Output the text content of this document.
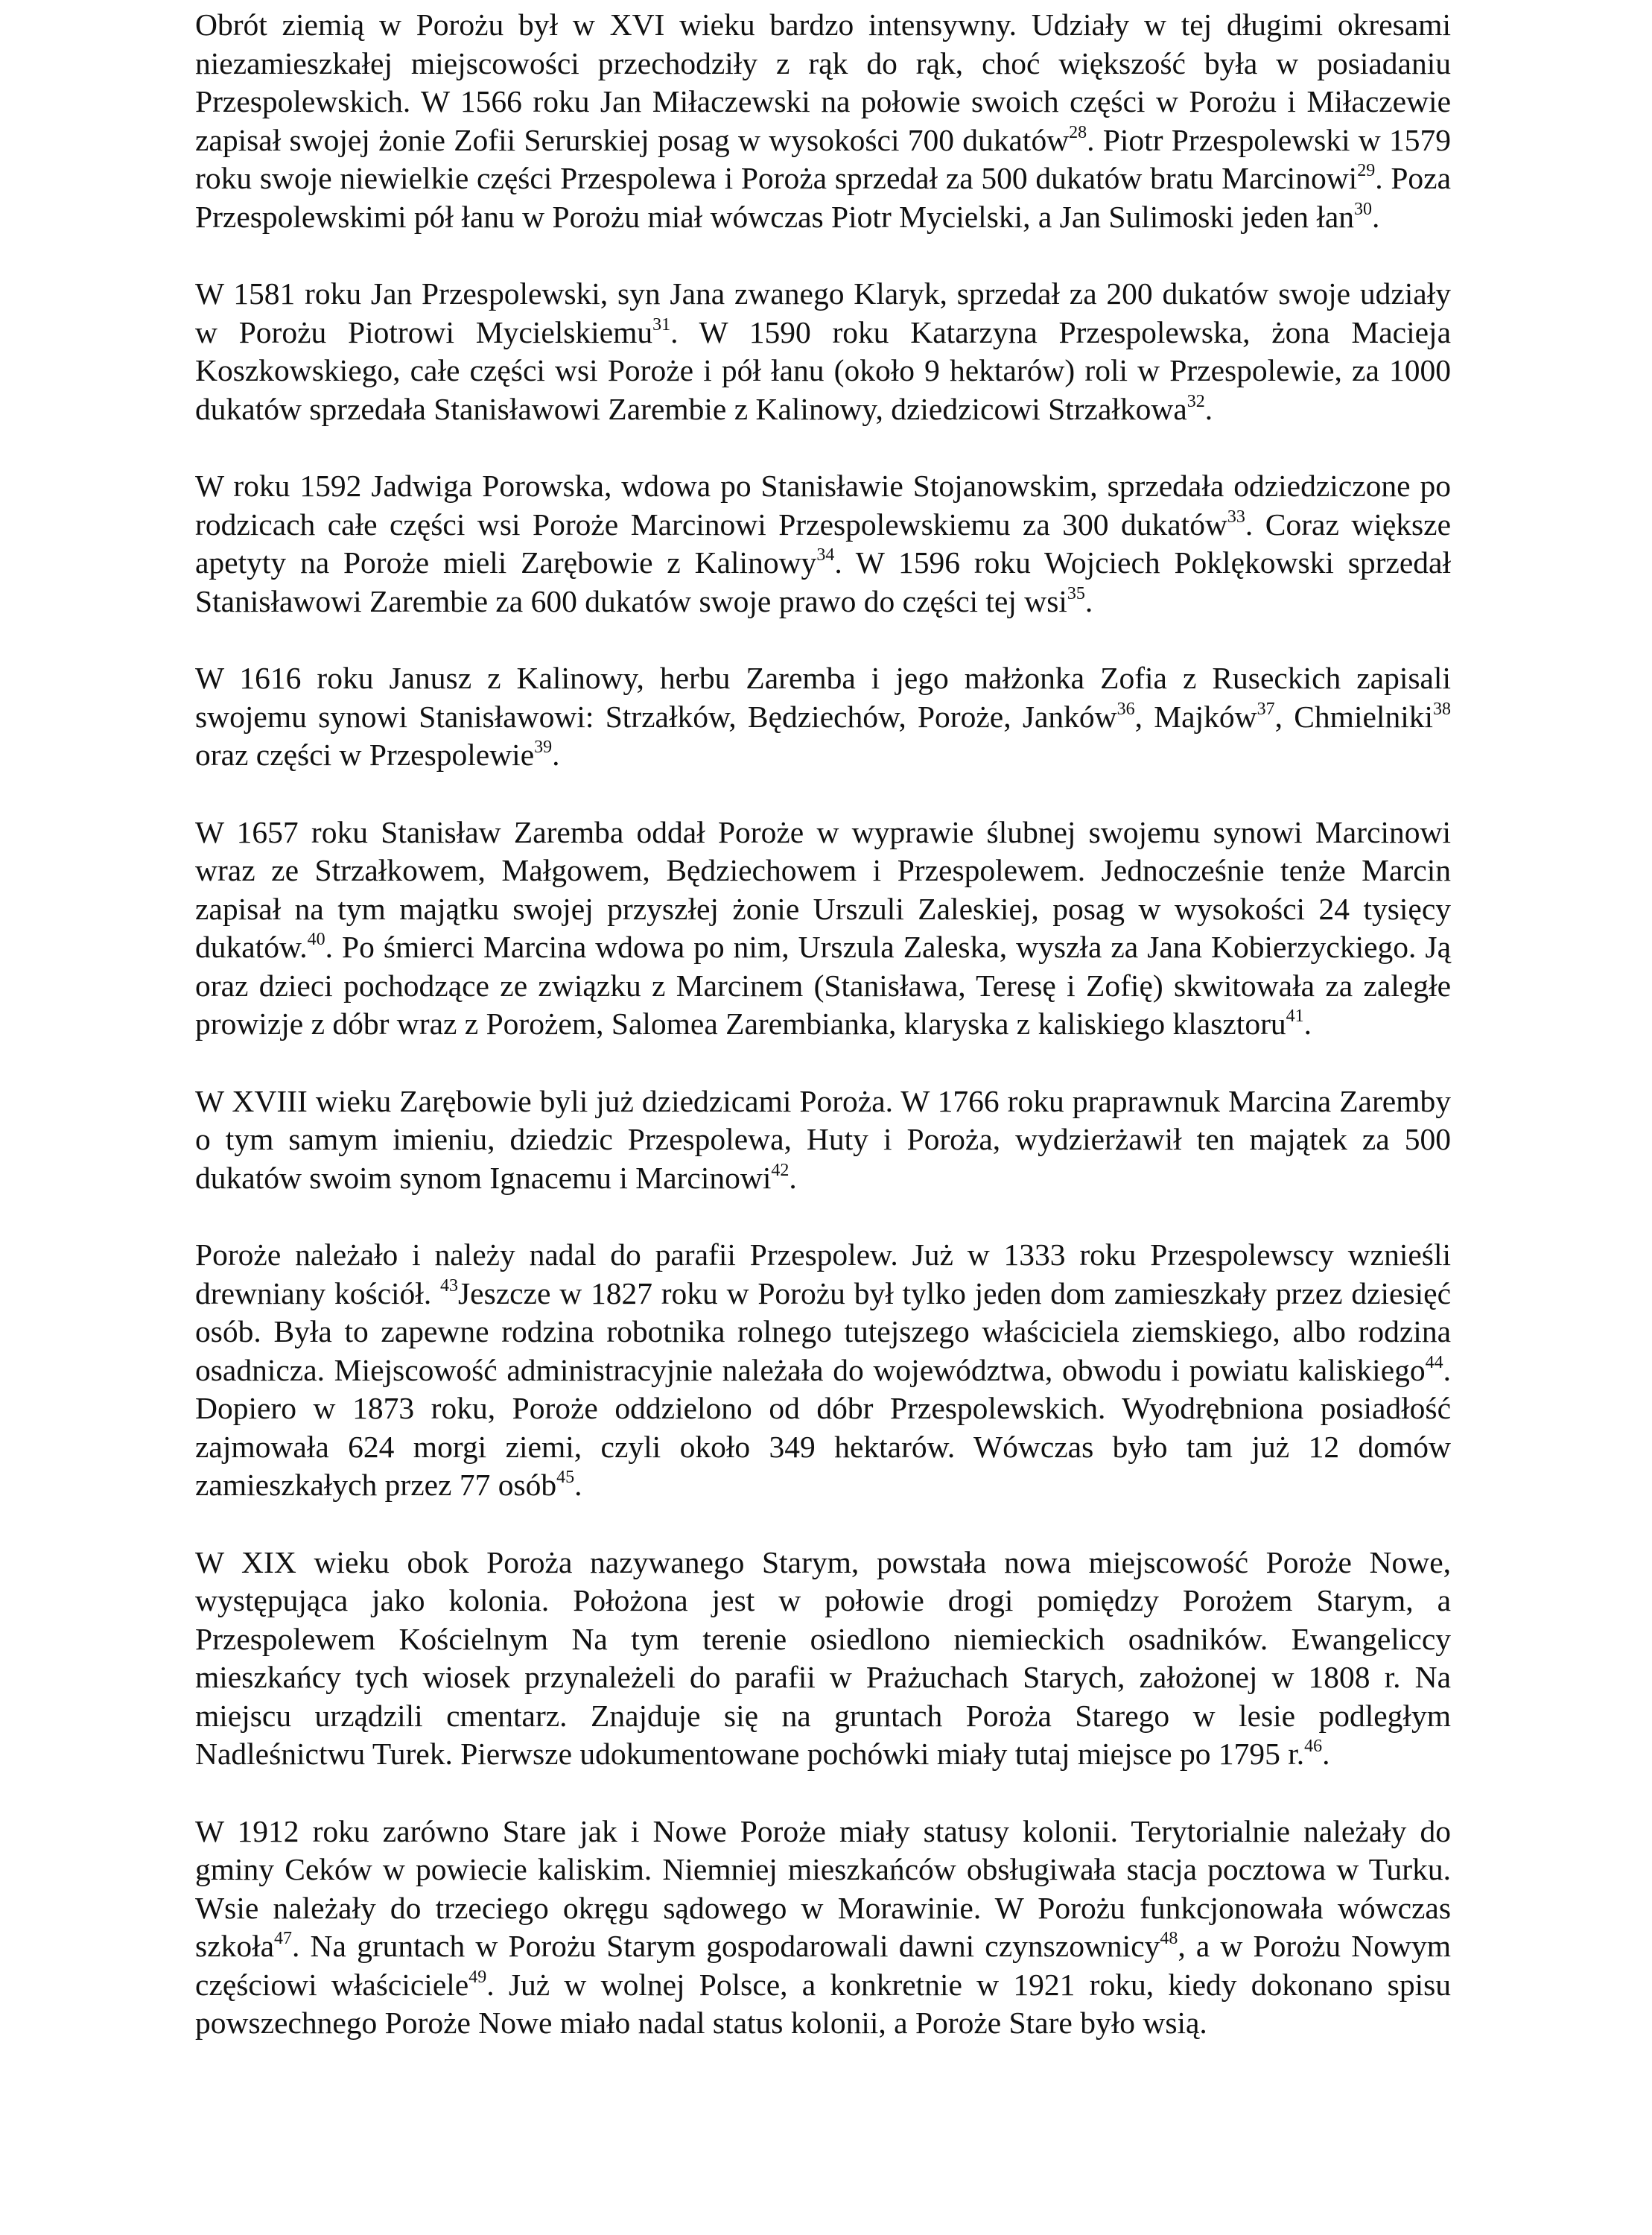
Obrót ziemią w Porożu był w XVI wieku bardzo intensywny. Udziały w tej długimi okresami niezamieszkałej miejscowości przechodziły z rąk do rąk, choć większość była w posiadaniu Przespolewskich. W 1566 roku Jan Miłaczewski na połowie swoich części w Porożu i Miłaczewie zapisał swojej żonie Zofii Serurskiej posag w wysokości 700 dukatów$^{28}$. Piotr Przespolewski w 1579 roku swoje niewielkie części Przespolewa i Poroża sprzedał za 500 dukatów bratu Marcinowi$^{29}$. Poza Przespolewskimi pół łanu w Porożu miał wówczas Piotr Mycielski, a Jan Sulimoski jeden łan$^{30}$.

W 1581 roku Jan Przespolewski, syn Jana zwanego Klaryk, sprzedał za 200 dukatów swoje udziały w Porożu Piotrowi Mycielskiemu$^{31}$. W 1590 roku Katarzyna Przespolewska, żona Macieja Koszkowskiego, całe części wsi Poroże i pół łanu (około 9 hektarów) roli w Przespolewie, za 1000 dukatów sprzedała Stanisławowi Zarembie z Kalinowy, dziedzicowi Strzałkowa$^{32}$.

W roku 1592 Jadwiga Porowska, wdowa po Stanisławie Stojanowskim, sprzedała odziedziczone po rodzicach całe części wsi Poroże Marcinowi Przespolewskiemu za 300 dukatów$^{33}$. Coraz większe apetyty na Poroże mieli Zarębowie z Kalinowy$^{34}$. W 1596 roku Wojciech Poklękowski sprzedał Stanisławowi Zarembie za 600 dukatów swoje prawo do części tej wsi$^{35}$.

W 1616 roku Janusz z Kalinowy, herbu Zaremba i jego małżonka Zofia z Ruseckich zapisali swojemu synowi Stanisławowi: Strzałków, Będziechów, Poroże, Janków$^{36}$, Majków$^{37}$, Chmielniki$^{38}$ oraz części w Przespolewie$^{39}$.

W 1657 roku Stanisław Zaremba oddał Poroże w wyprawie ślubnej swojemu synowi Marcinowi wraz ze Strzałkowem, Małgowem, Będziechowem i Przespolewem. Jednocześnie tenże Marcin zapisał na tym majątku swojej przyszłej żonie Urszuli Zaleskiej, posag w wysokości 24 tysięcy dukatów.$^{40}$. Po śmierci Marcina wdowa po nim, Urszula Zaleska, wyszła za Jana Kobierzyckiego. Ją oraz dzieci pochodzące ze związku z Marcinem (Stanisława, Teresę i Zofię) skwitowała za zaległe prowizje z dóbr wraz z Porożem, Salomea Zarembianka, klaryska z kaliskiego klasztoru$^{41}$.

W XVIII wieku Zarębowie byli już dziedzicami Poroża. W 1766 roku praprawnuk Marcina Zaremby o tym samym imieniu, dziedzic Przespolewa, Huty i Poroża, wydzierżawił ten majątek za 500 dukatów swoim synom Ignacemu i Marcinowi$^{42}$.

Poroże należało i należy nadal do parafii Przespolew. Już w 1333 roku Przespolewscy wznieśli drewniany kościół. $^{43}$Jeszcze w 1827 roku w Porożu był tylko jeden dom zamieszkały przez dziesięć osób. Była to zapewne rodzina robotnika rolnego tutejszego właściciela ziemskiego, albo rodzina osadnicza. Miejscowość administracyjnie należała do województwa, obwodu i powiatu kaliskiego$^{44}$. Dopiero w 1873 roku, Poroże oddzielono od dóbr Przespolewskich. Wyodrębniona posiadłość zajmowała 624 morgi ziemi, czyli około 349 hektarów. Wówczas było tam już 12 domów zamieszkałych przez 77 osób$^{45}$.

W XIX wieku obok Poroża nazywanego Starym, powstała nowa miejscowość Poroże Nowe, występująca jako kolonia. Położona jest w połowie drogi pomiędzy Porożem Starym, a Przespolewem Kościelnym Na tym terenie osiedlono niemieckich osadników. Ewangeliccy mieszkańcy tych wiosek przynależeli do parafii w Prażuchach Starych, założonej w 1808 r. Na miejscu urządzili cmentarz. Znajduje się na gruntach Poroża Starego w lesie podległym Nadleśnictwu Turek. Pierwsze udokumentowane pochówki miały tutaj miejsce po 1795 r.$^{46}$.

W 1912 roku zarówno Stare jak i Nowe Poroże miały statusy kolonii. Terytorialnie należały do gminy Ceków w powiecie kaliskim. Niemniej mieszkańców obsługiwała stacja pocztowa w Turku. Wsie należały do trzeciego okręgu sądowego w Morawinie. W Porożu funkcjonowała wówczas szkoła$^{47}$. Na gruntach w Porożu Starym gospodarowali dawni czynszownicy$^{48}$, a w Porożu Nowym częściowi właściciele$^{49}$. Już w wolnej Polsce, a konkretnie w 1921 roku, kiedy dokonano spisu powszechnego Poroże Nowe miało nadal status kolonii, a Poroże Stare było wsią.
